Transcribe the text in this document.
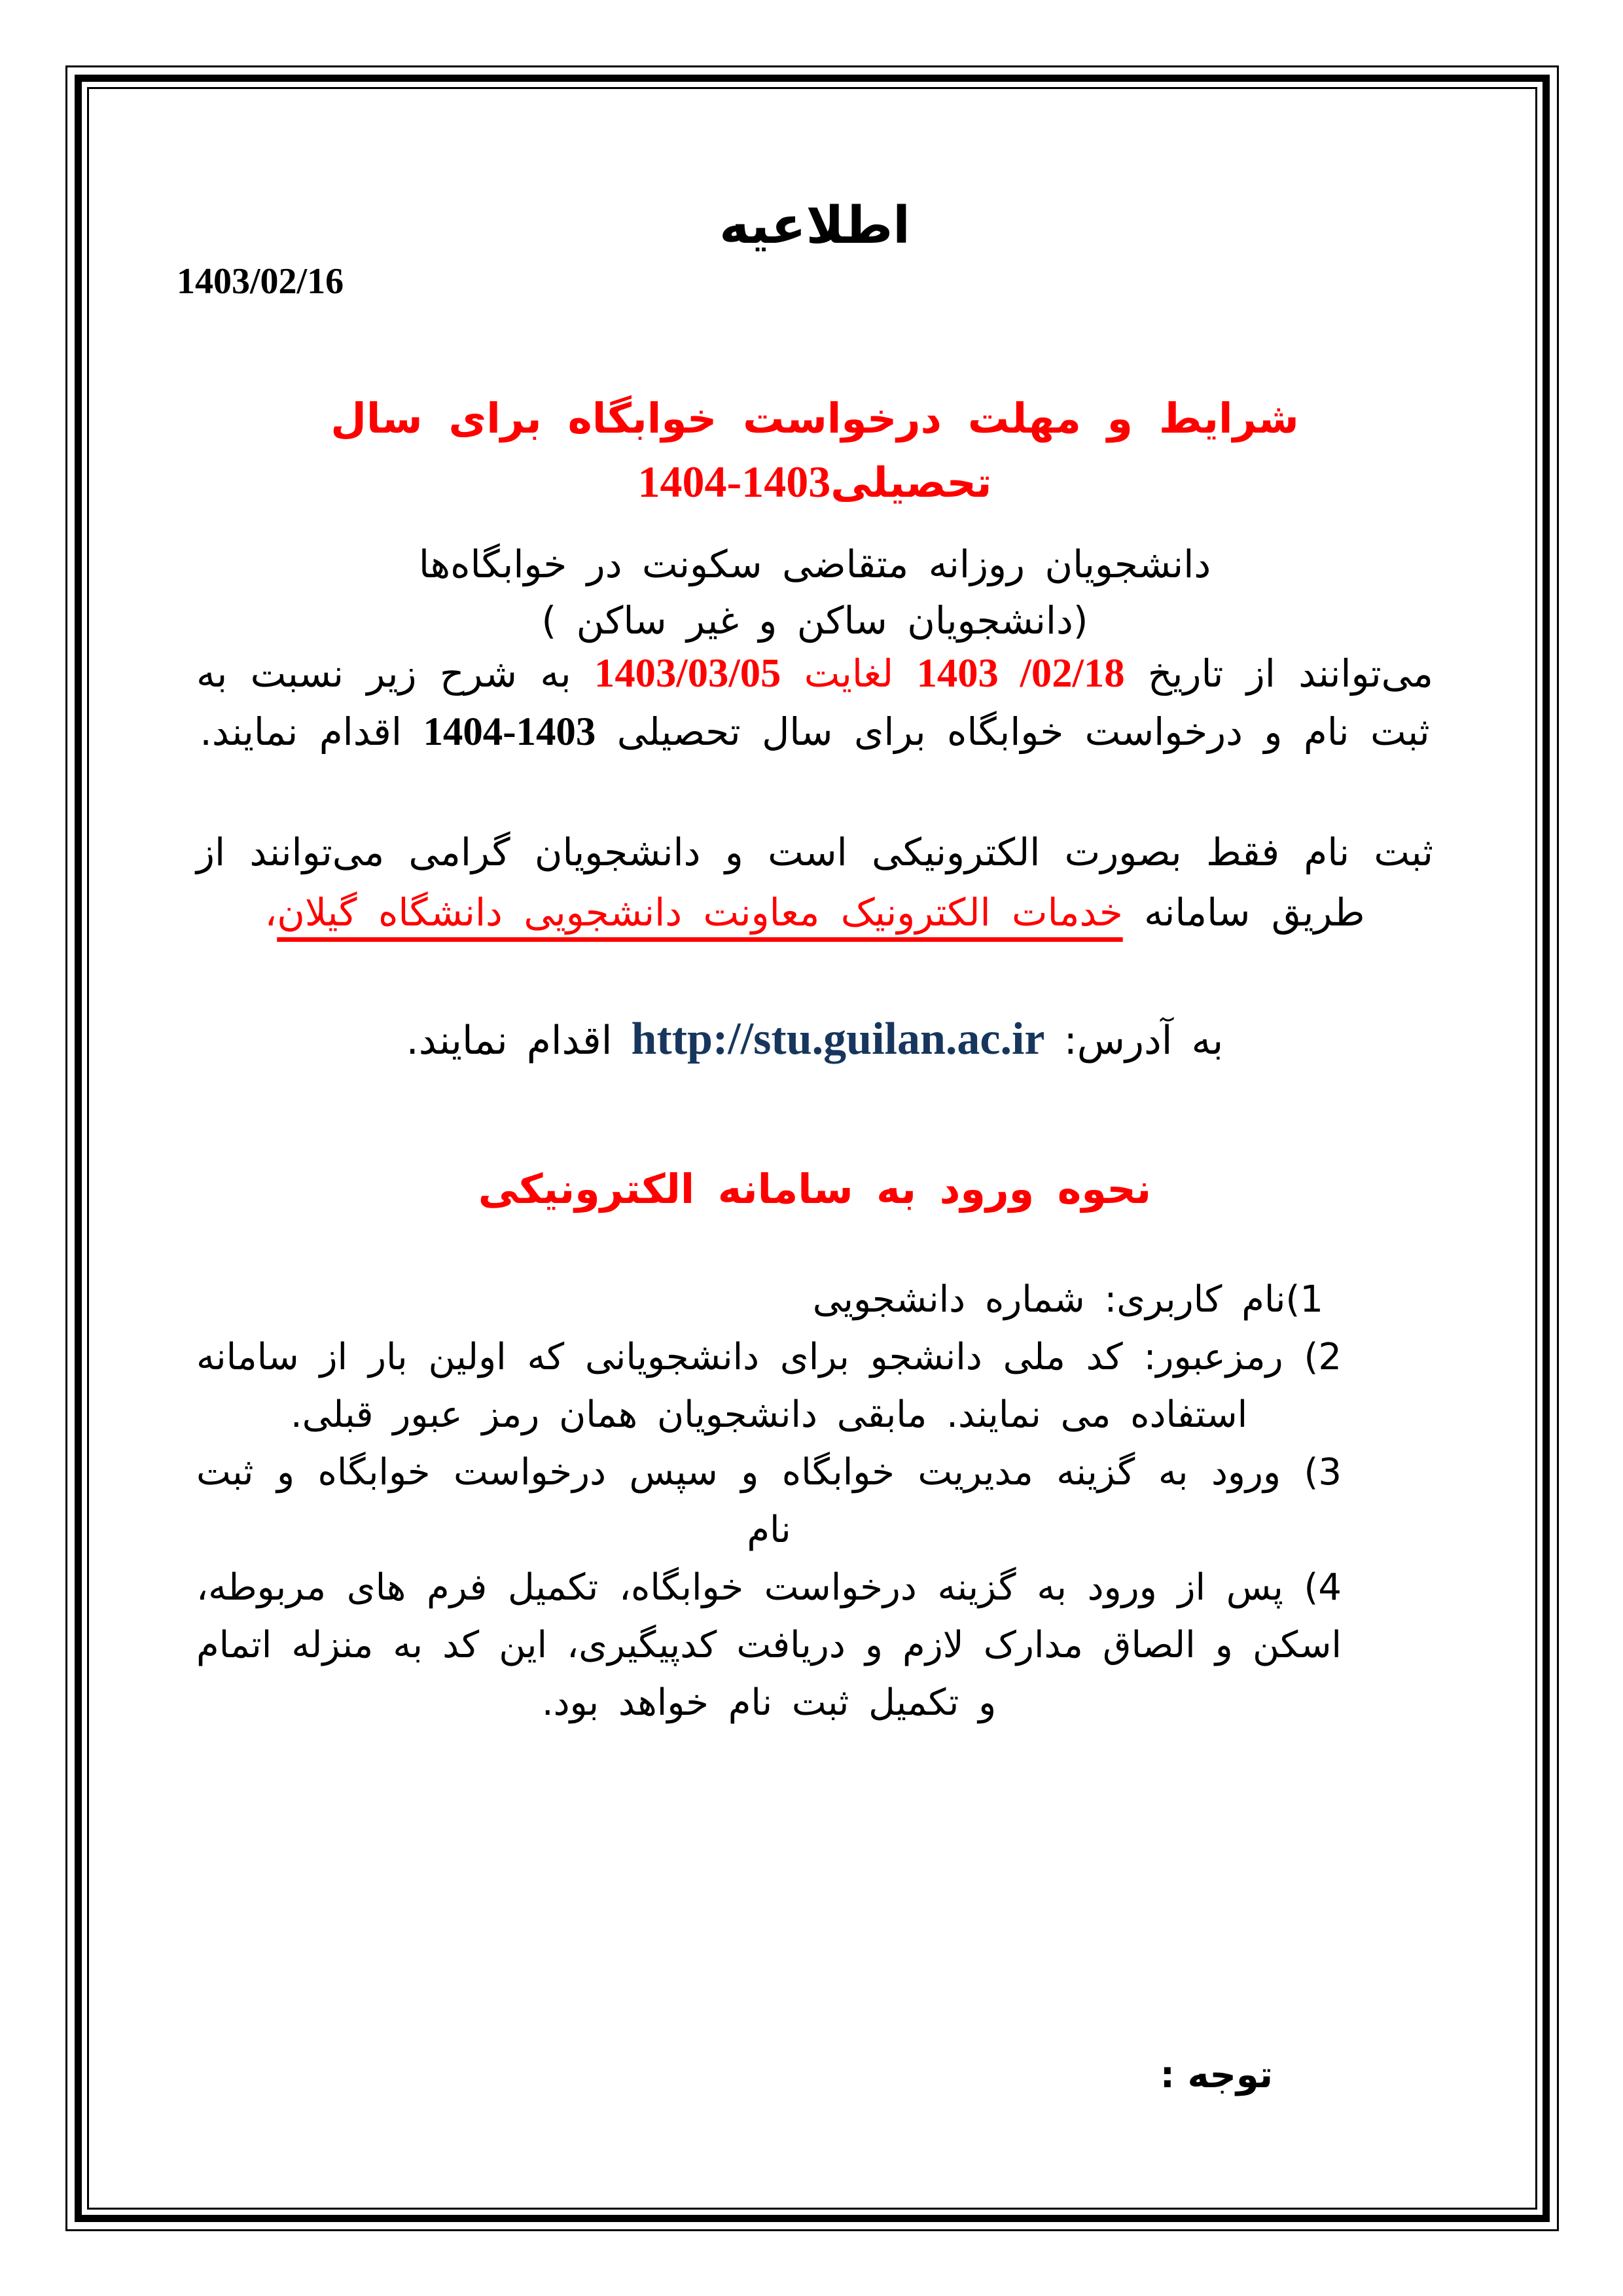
اطلاعیه
1403/02/16
شرایط و مهلت درخواست خوابگاه برای سال
تحصیلی1403-1404
دانشجویان روزانه متقاضی سکونت در خوابگاه‌ها
(دانشجویان ساکن و غیر ساکن )
می‌توانند از تاریخ 02/18/ 1403 لغایت 1403/03/05 به شرح زیر نسبت به ثبت نام و درخواست خوابگاه برای سال تحصیلی 1403-1404 اقدام نمایند.
ثبت نام فقط بصورت الکترونیکی است و دانشجویان گرامی می‌توانند از طریق سامانه خدمات الکترونیک معاونت دانشجویی دانشگاه گیلان،
به آدرس: http://stu.guilan.ac.ir اقدام نمایند.
نحوه ورود به سامانه الکترونیکی
1)نام کاربری: شماره دانشجویی
2) رمزعبور: کد ملی دانشجو برای دانشجویانی که اولین بار از سامانه استفاده می نمایند. مابقی دانشجویان همان رمز عبور قبلی.
3) ورود به گزینه مدیریت خوابگاه و سپس درخواست خوابگاه و ثبت نام
4) پس از ورود به گزینه درخواست خوابگاه، تکمیل فرم های مربوطه، اسکن و الصاق مدارک لازم و دریافت کدپیگیری، این کد به منزله اتمام و تکمیل ثبت نام خواهد بود.
توجه :
